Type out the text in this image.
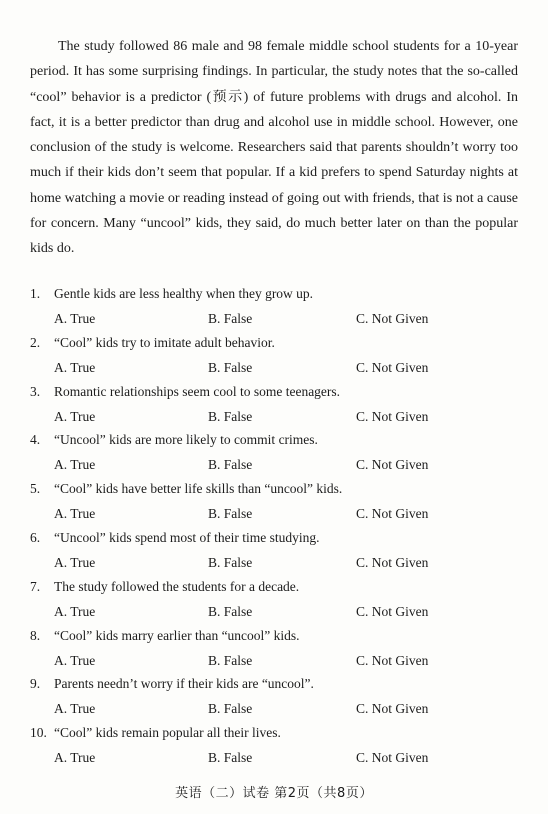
The study followed 86 male and 98 female middle school students for a 10-year period. It has some surprising findings. In particular, the study notes that the so-called “cool” behavior is a predictor (预示) of future problems with drugs and alcohol. In fact, it is a better predictor than drug and alcohol use in middle school. However, one conclusion of the study is welcome. Researchers said that parents shouldn’t worry too much if their kids don’t seem that popular. If a kid prefers to spend Saturday nights at home watching a movie or reading instead of going out with friends, that is not a cause for concern. Many “uncool” kids, they said, do much better later on than the popular kids do.

1. Gentle kids are less healthy when they grow up.
A. True	B. False	C. Not Given
2. “Cool” kids try to imitate adult behavior.
A. True	B. False	C. Not Given
3. Romantic relationships seem cool to some teenagers.
A. True	B. False	C. Not Given
4. “Uncool” kids are more likely to commit crimes.
A. True	B. False	C. Not Given
5. “Cool” kids have better life skills than “uncool” kids.
A. True	B. False	C. Not Given
6. “Uncool” kids spend most of their time studying.
A. True	B. False	C. Not Given
7. The study followed the students for a decade.
A. True	B. False	C. Not Given
8. “Cool” kids marry earlier than “uncool” kids.
A. True	B. False	C. Not Given
9. Parents needn’t worry if their kids are “uncool”.
A. True	B. False	C. Not Given
10. “Cool” kids remain popular all their lives.
A. True	B. False	C. Not Given
英语（二）试卷 第2页（共8页）
